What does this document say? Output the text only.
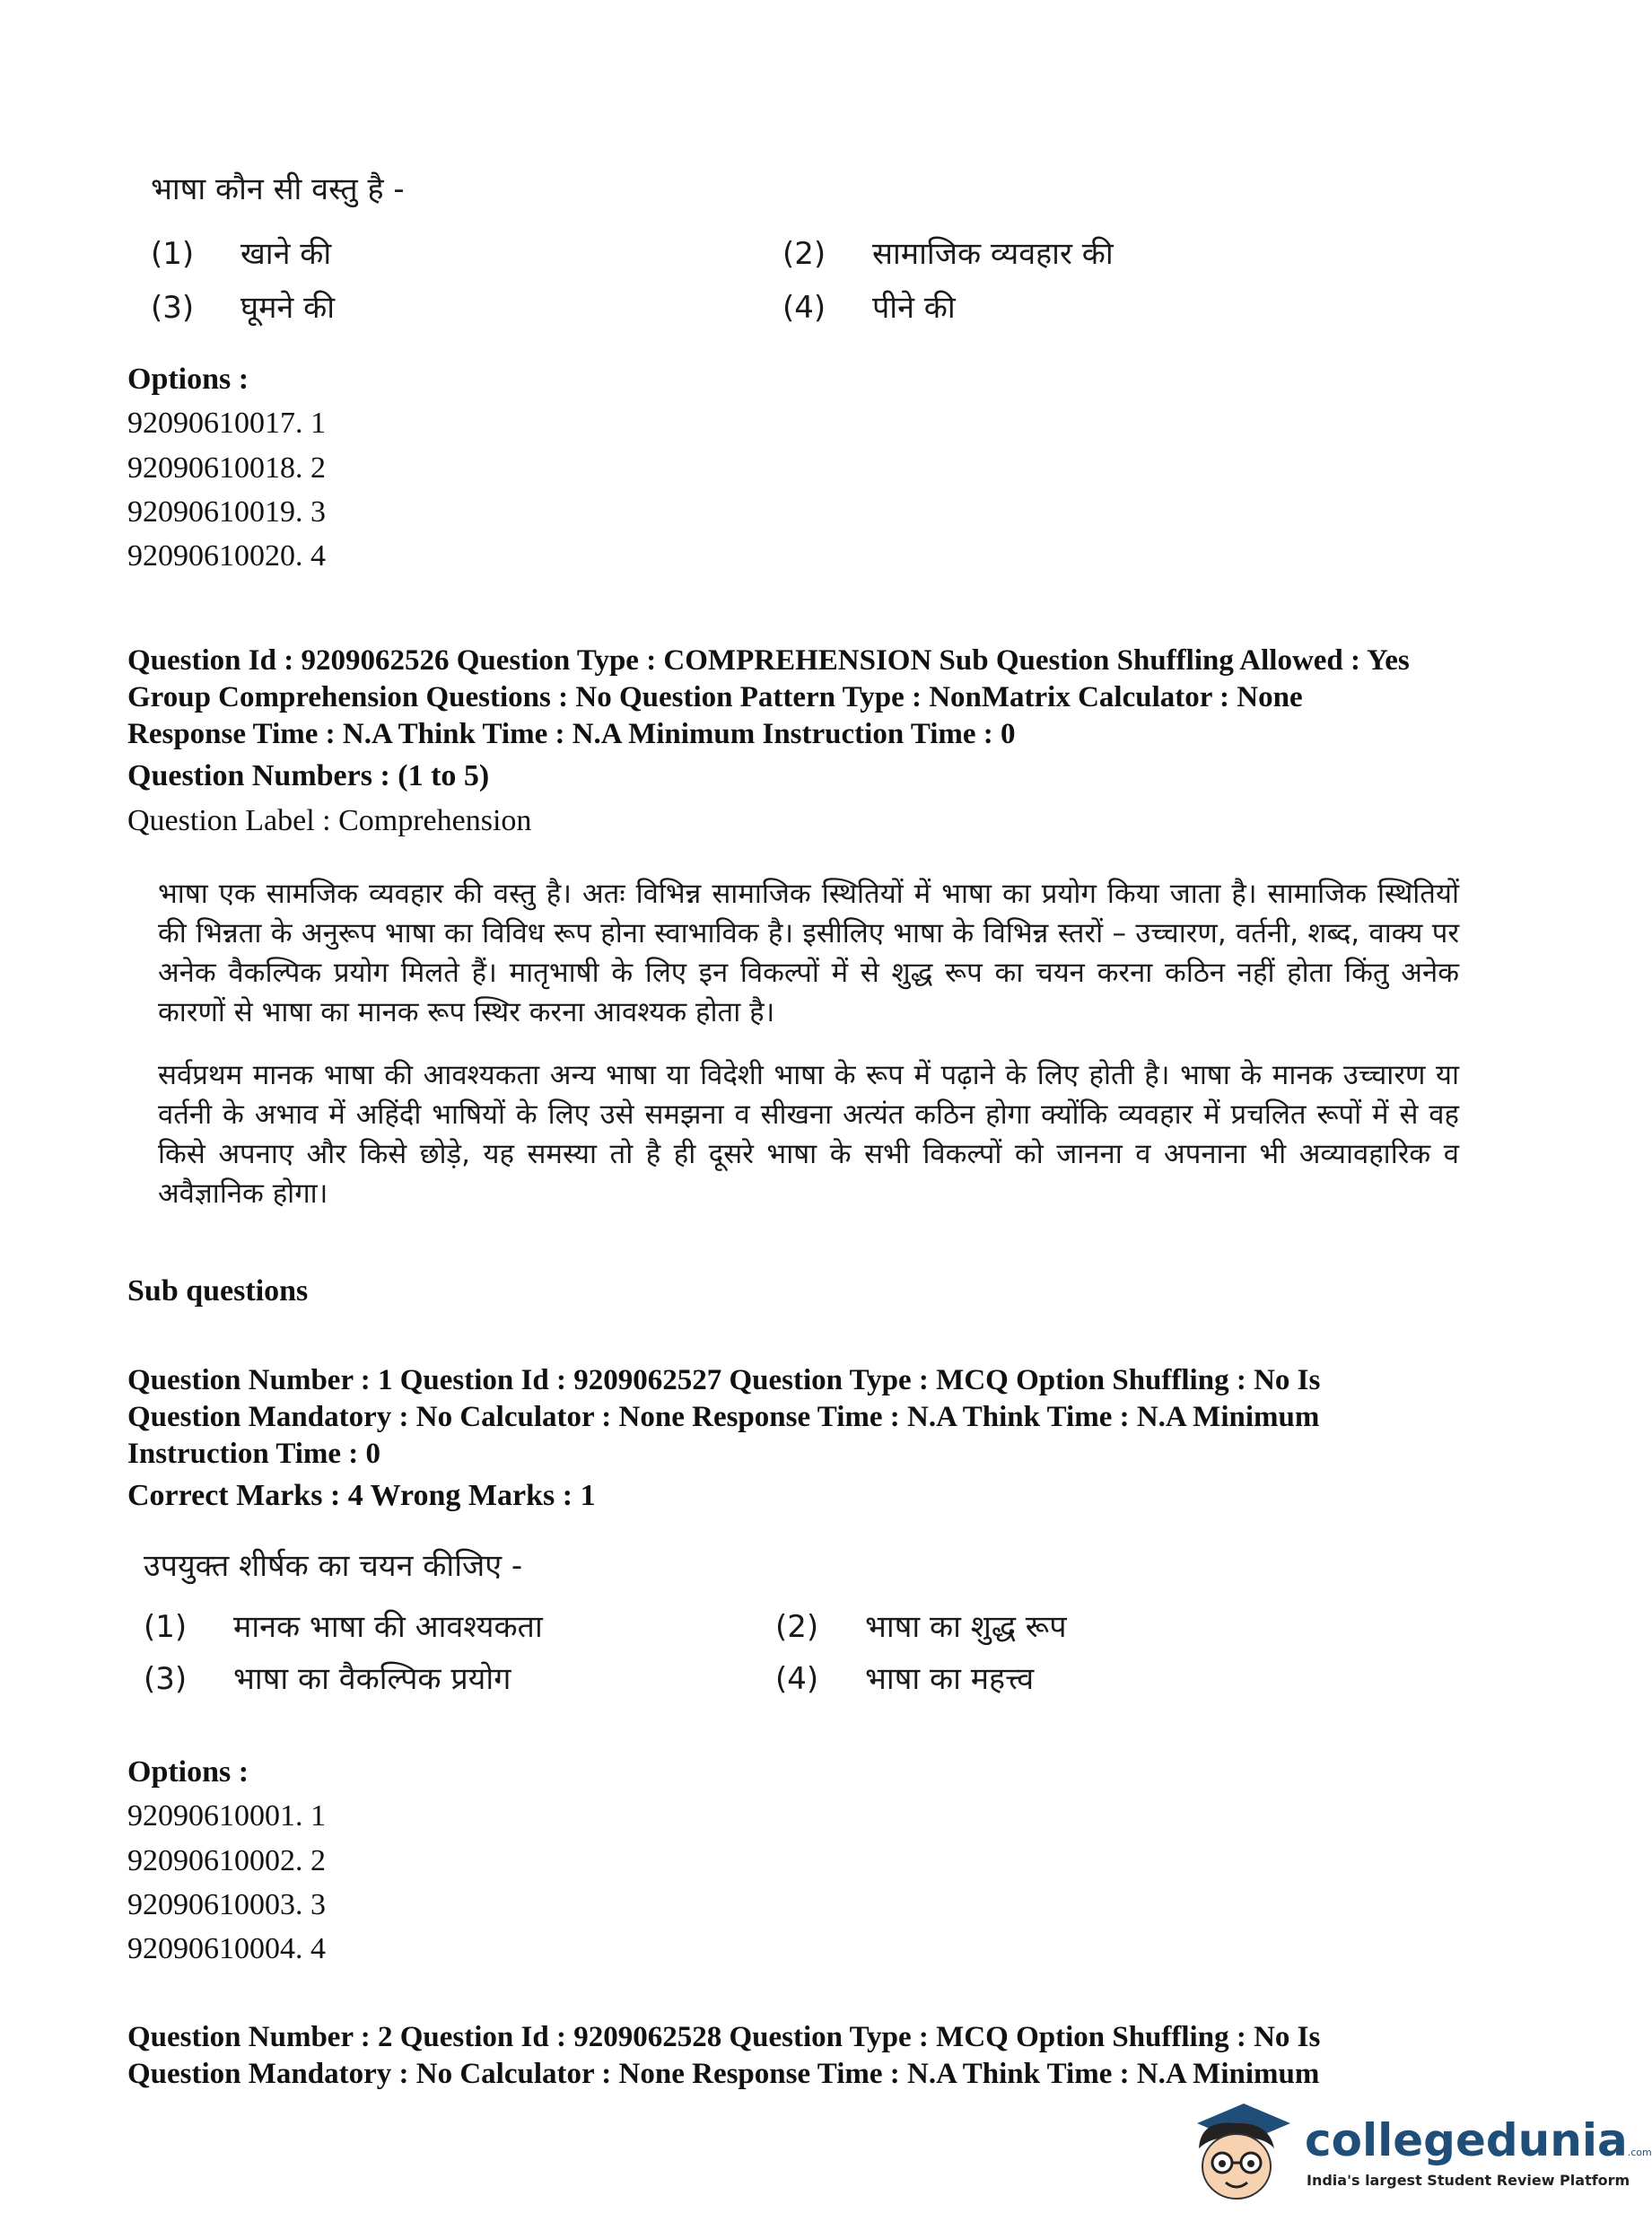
भाषा कौन सी वस्तु है -
(1) खाने की	(2) सामाजिक व्यवहार की
(3) घूमने की	(4) पीने की
Options :
92090610017. 1
92090610018. 2
92090610019. 3
92090610020. 4
Question Id : 9209062526 Question Type : COMPREHENSION Sub Question Shuffling Allowed : Yes
Group Comprehension Questions : No Question Pattern Type : NonMatrix Calculator : None
Response Time : N.A Think Time : N.A Minimum Instruction Time : 0
Question Numbers : (1 to 5)
Question Label : Comprehension
भाषा एक सामजिक व्यवहार की वस्तु है। अतः विभिन्न सामाजिक स्थितियों में भाषा का प्रयोग किया जाता है। सामाजिक स्थितियों की भिन्नता के अनुरूप भाषा का विविध रूप होना स्वाभाविक है। इसीलिए भाषा के विभिन्न स्तरों – उच्चारण, वर्तनी, शब्द, वाक्य पर अनेक वैकल्पिक प्रयोग मिलते हैं। मातृभाषी के लिए इन विकल्पों में से शुद्ध रूप का चयन करना कठिन नहीं होता किंतु अनेक कारणों से भाषा का मानक रूप स्थिर करना आवश्यक होता है।
सर्वप्रथम मानक भाषा की आवश्यकता अन्य भाषा या विदेशी भाषा के रूप में पढ़ाने के लिए होती है। भाषा के मानक उच्चारण या वर्तनी के अभाव में अहिंदी भाषियों के लिए उसे समझना व सीखना अत्यंत कठिन होगा क्योंकि व्यवहार में प्रचलित रूपों में से वह किसे अपनाए और किसे छोड़े, यह समस्या तो है ही दूसरे भाषा के सभी विकल्पों को जानना व अपनाना भी अव्यावहारिक व अवैज्ञानिक होगा।
Sub questions
Question Number : 1 Question Id : 9209062527 Question Type : MCQ Option Shuffling : No Is
Question Mandatory : No Calculator : None Response Time : N.A Think Time : N.A Minimum
Instruction Time : 0
Correct Marks : 4 Wrong Marks : 1
उपयुक्त शीर्षक का चयन कीजिए -
(1) मानक भाषा की आवश्यकता	(2) भाषा का शुद्ध रूप
(3) भाषा का वैकल्पिक प्रयोग	(4) भाषा का महत्त्व
Options :
92090610001. 1
92090610002. 2
92090610003. 3
92090610004. 4
Question Number : 2 Question Id : 9209062528 Question Type : MCQ Option Shuffling : No Is
Question Mandatory : No Calculator : None Response Time : N.A Think Time : N.A Minimum
collegedunia.com
India's largest Student Review Platform
